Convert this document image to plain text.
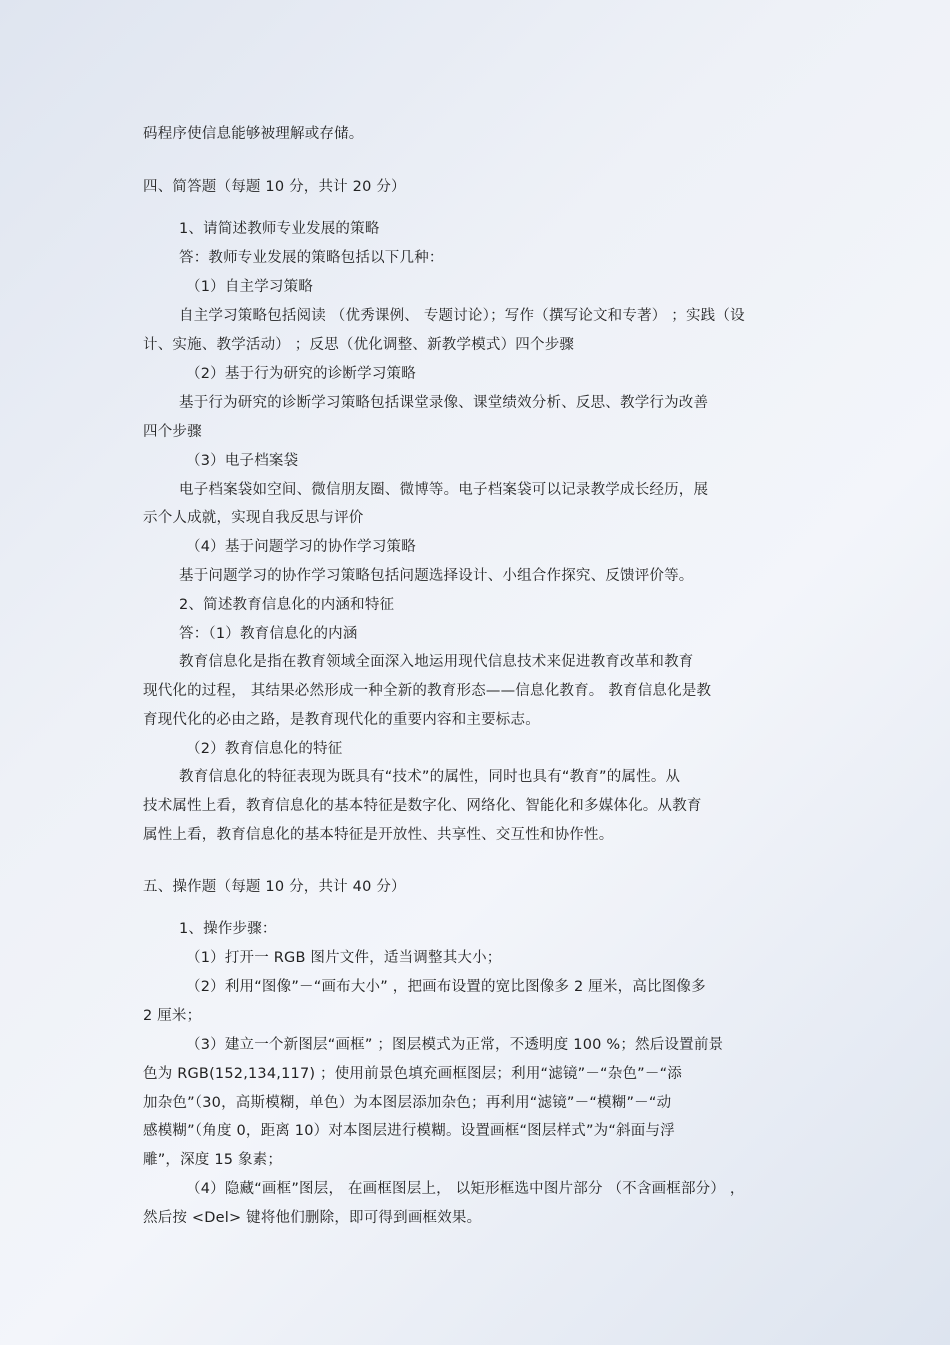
码程序使信息能够被理解或存储。

四、简答题（每题 10 分，共计 20 分）

1、请简述教师专业发展的策略

答：教师专业发展的策略包括以下几种：

（1）自主学习策略

自主学习策略包括阅读 （优秀课例、 专题讨论）；写作（撰写论文和专著） ；实践（设

计、实施、教学活动） ；反思（优化调整、新教学模式）四个步骤

（2）基于行为研究的诊断学习策略

基于行为研究的诊断学习策略包括课堂录像、课堂绩效分析、反思、教学行为改善

四个步骤

（3）电子档案袋

电子档案袋如空间、微信朋友圈、微博等。电子档案袋可以记录教学成长经历，展

示个人成就，实现自我反思与评价

（4）基于问题学习的协作学习策略

基于问题学习的协作学习策略包括问题选择设计、小组合作探究、反馈评价等。

2、简述教育信息化的内涵和特征

答：（1）教育信息化的内涵

教育信息化是指在教育领域全面深入地运用现代信息技术来促进教育改革和教育

现代化的过程， 其结果必然形成一种全新的教育形态——信息化教育。 教育信息化是教

育现代化的必由之路，是教育现代化的重要内容和主要标志。

（2）教育信息化的特征

教育信息化的特征表现为既具有“技术”的属性，同时也具有“教育”的属性。从

技术属性上看，教育信息化的基本特征是数字化、网络化、智能化和多媒体化。从教育

属性上看，教育信息化的基本特征是开放性、共享性、交互性和协作性。

五、操作题（每题 10 分，共计 40 分）

1、操作步骤：

（1）打开一 RGB 图片文件，适当调整其大小；

（2）利用“图像”－“画布大小” ，把画布设置的宽比图像多 2 厘米，高比图像多

2 厘米；

（3）建立一个新图层“画框” ；图层模式为正常，不透明度 100 %；然后设置前景

色为 RGB(152,134,117) ；使用前景色填充画框图层；利用“滤镜”－“杂色”－“添

加杂色”（30，高斯模糊，单色）为本图层添加杂色；再利用“滤镜”－“模糊”－“动

感模糊”（角度 0，距离 10）对本图层进行模糊。设置画框“图层样式”为“斜面与浮

雕”，深度 15 象素；

（4）隐藏“画框”图层， 在画框图层上， 以矩形框选中图片部分 （不含画框部分） ，

然后按 <Del> 键将他们删除，即可得到画框效果。
